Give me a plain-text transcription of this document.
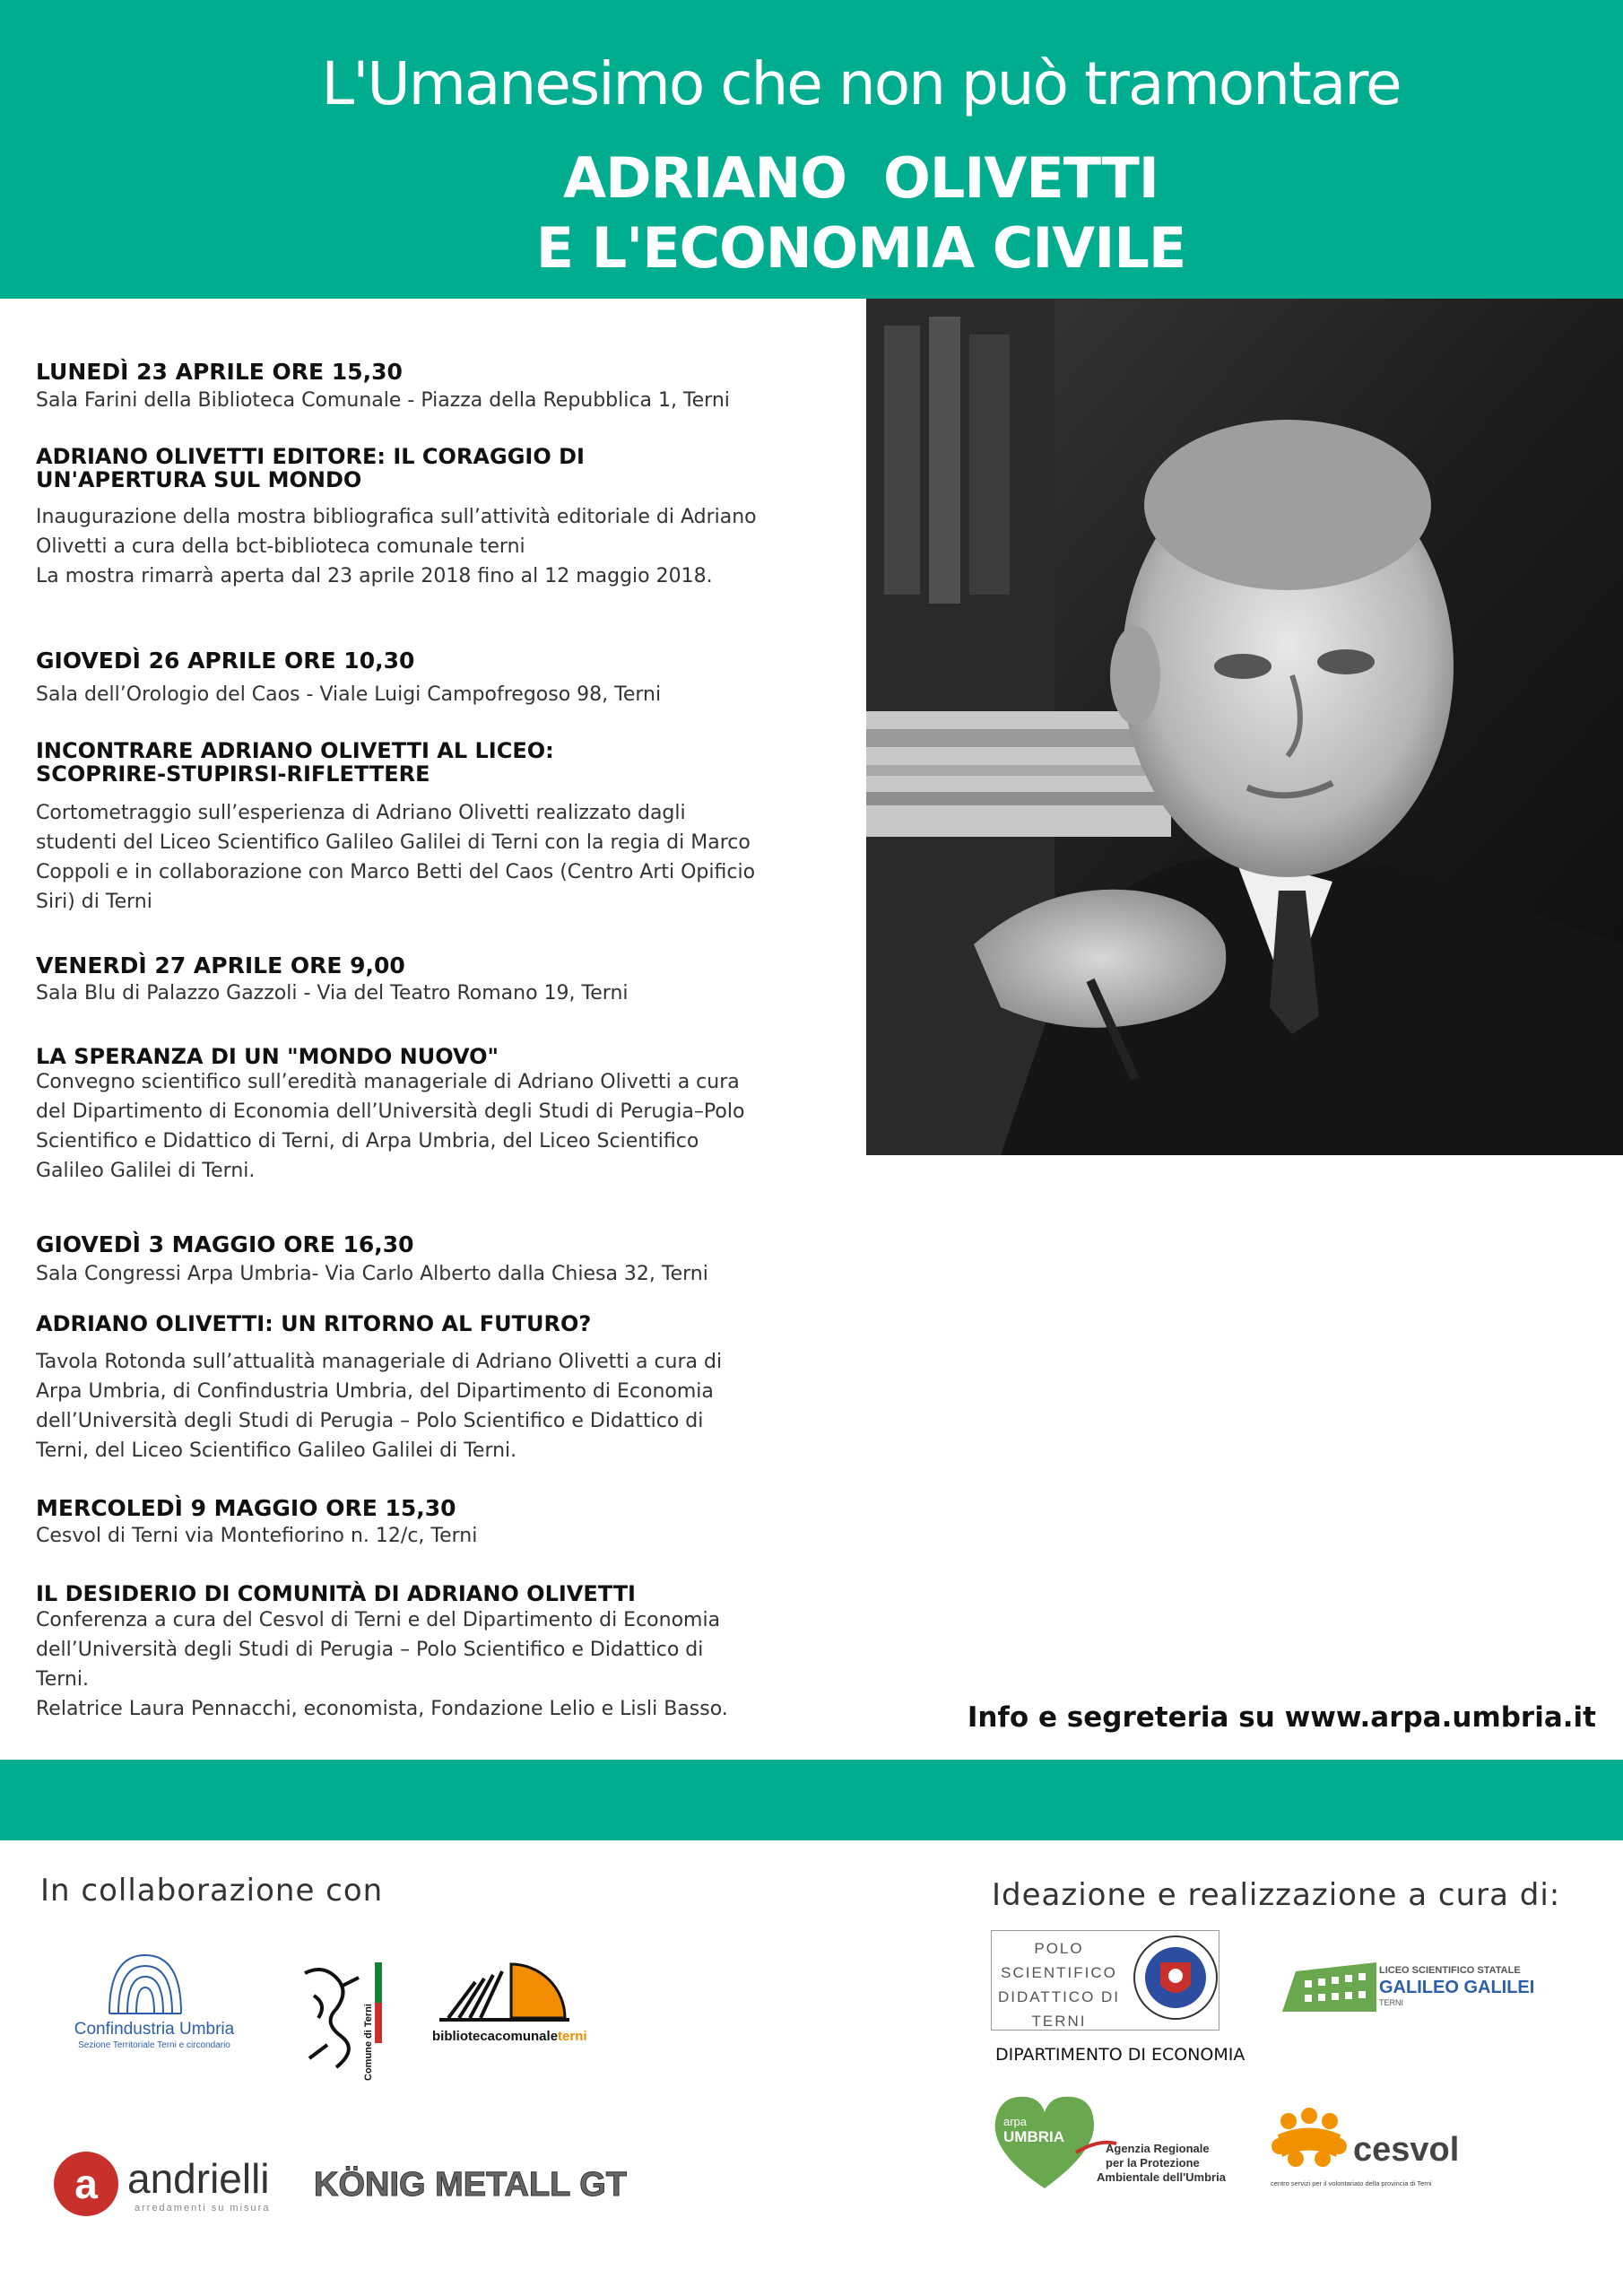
L'Umanesimo che non può tramontare
ADRIANO  OLIVETTI
E L'ECONOMIA CIVILE
LUNEDÌ 23 APRILE ORE 15,30
Sala Farini della Biblioteca Comunale - Piazza della Repubblica 1, Terni
ADRIANO OLIVETTI EDITORE: IL CORAGGIO DI
UN'APERTURA SUL MONDO
Inaugurazione della mostra bibliografica sull’attività editoriale di Adriano
Olivetti a cura della bct-biblioteca comunale terni
La mostra rimarrà aperta dal 23 aprile 2018 fino al 12 maggio 2018.
GIOVEDÌ 26 APRILE ORE 10,30
Sala dell’Orologio del Caos - Viale Luigi Campofregoso 98, Terni
INCONTRARE ADRIANO OLIVETTI AL LICEO:
SCOPRIRE-STUPIRSI-RIFLETTERE
Cortometraggio sull’esperienza di Adriano Olivetti realizzato dagli
studenti del Liceo Scientifico Galileo Galilei di Terni con la regia di Marco
Coppoli e in collaborazione con Marco Betti del Caos (Centro Arti Opificio
Siri) di Terni
VENERDÌ 27 APRILE ORE 9,00
Sala Blu di Palazzo Gazzoli - Via del Teatro Romano 19, Terni
LA SPERANZA DI UN "MONDO NUOVO"
Convegno scientifico sull’eredità manageriale di Adriano Olivetti a cura
del Dipartimento di Economia dell’Università degli Studi di Perugia–Polo
Scientifico e Didattico di Terni, di Arpa Umbria, del Liceo Scientifico
Galileo Galilei di Terni.
GIOVEDÌ 3 MAGGIO ORE 16,30
Sala Congressi Arpa Umbria- Via Carlo Alberto dalla Chiesa 32, Terni
ADRIANO OLIVETTI: UN RITORNO AL FUTURO?
Tavola Rotonda sull’attualità manageriale di Adriano Olivetti a cura di
Arpa Umbria, di Confindustria Umbria, del Dipartimento di Economia
dell’Università degli Studi di Perugia – Polo Scientifico e Didattico di
Terni, del Liceo Scientifico Galileo Galilei di Terni.
MERCOLEDÌ 9 MAGGIO ORE 15,30
Cesvol di Terni via Montefiorino n. 12/c, Terni
IL DESIDERIO DI COMUNITÀ DI ADRIANO OLIVETTI
Conferenza a cura del Cesvol di Terni e del Dipartimento di Economia
dell’Università degli Studi di Perugia – Polo Scientifico e Didattico di
Terni.
Relatrice Laura Pennacchi, economista, Fondazione Lelio e Lisli Basso.	Info e segreteria su www.arpa.umbria.it
In collaborazione con	Ideazione e realizzazione a cura di:
Confindustria Umbria
Sezione Territoriale Terni e circondario	Comune di Terni	bibliotecacomunaleterni
a andrielli
arredamenti su misura
KÖNIG METALL GT
POLO
SCIENTIFICO
DIDATTICO DI
TERNI
DIPARTIMENTO DI ECONOMIA
LICEO SCIENTIFICO STATALE
GALILEO GALILEI
TERNI
arpa
UMBRIA
Agenzia Regionale
per la Protezione
Ambientale dell'Umbria
cesvol
centro servizi per il volontariato della provincia di Terni
